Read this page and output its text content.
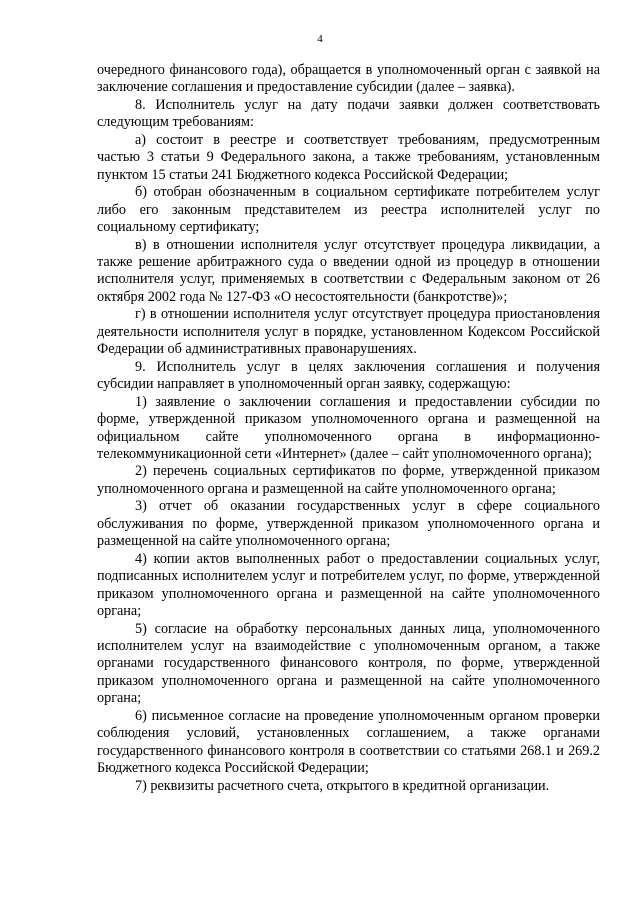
4

очередного финансового года), обращается в уполномоченный орган с заявкой на заключение соглашения и предоставление субсидии (далее – заявка).

8. Исполнитель услуг на дату подачи заявки должен соответствовать следующим требованиям:

а) состоит в реестре и соответствует требованиям, предусмотренным частью 3 статьи 9 Федерального закона, а также требованиям, установленным пунктом 15 статьи 241 Бюджетного кодекса Российской Федерации;

б) отобран обозначенным в социальном сертификате потребителем услуг либо его законным представителем из реестра исполнителей услуг по социальному сертификату;

в) в отношении исполнителя услуг отсутствует процедура ликвидации, а также решение арбитражного суда о введении одной из процедур в отношении исполнителя услуг, применяемых в соответствии с Федеральным законом от 26 октября 2002 года № 127-ФЗ «О несостоятельности (банкротстве)»;

г) в отношении исполнителя услуг отсутствует процедура приостановления деятельности исполнителя услуг в порядке, установленном Кодексом Российской Федерации об административных правонарушениях.

9. Исполнитель услуг в целях заключения соглашения и получения субсидии направляет в уполномоченный орган заявку, содержащую:

1) заявление о заключении соглашения и предоставлении субсидии по форме, утвержденной приказом уполномоченного органа и размещенной на официальном сайте уполномоченного органа в информационно-телекоммуникационной сети «Интернет» (далее – сайт уполномоченного органа);

2) перечень социальных сертификатов по форме, утвержденной приказом уполномоченного органа и размещенной на сайте уполномоченного органа;

3) отчет об оказании государственных услуг в сфере социального обслуживания по форме, утвержденной приказом уполномоченного органа и размещенной на сайте уполномоченного органа;

4) копии актов выполненных работ о предоставлении социальных услуг, подписанных исполнителем услуг и потребителем услуг, по форме, утвержденной приказом уполномоченного органа и размещенной на сайте уполномоченного органа;

5) согласие на обработку персональных данных лица, уполномоченного исполнителем услуг на взаимодействие с уполномоченным органом, а также органами государственного финансового контроля, по форме, утвержденной приказом уполномоченного органа и размещенной на сайте уполномоченного органа;

6) письменное согласие на проведение уполномоченным органом проверки соблюдения условий, установленных соглашением, а также органами государственного финансового контроля в соответствии со статьями 268.1 и 269.2 Бюджетного кодекса Российской Федерации;

7) реквизиты расчетного счета, открытого в кредитной организации.
